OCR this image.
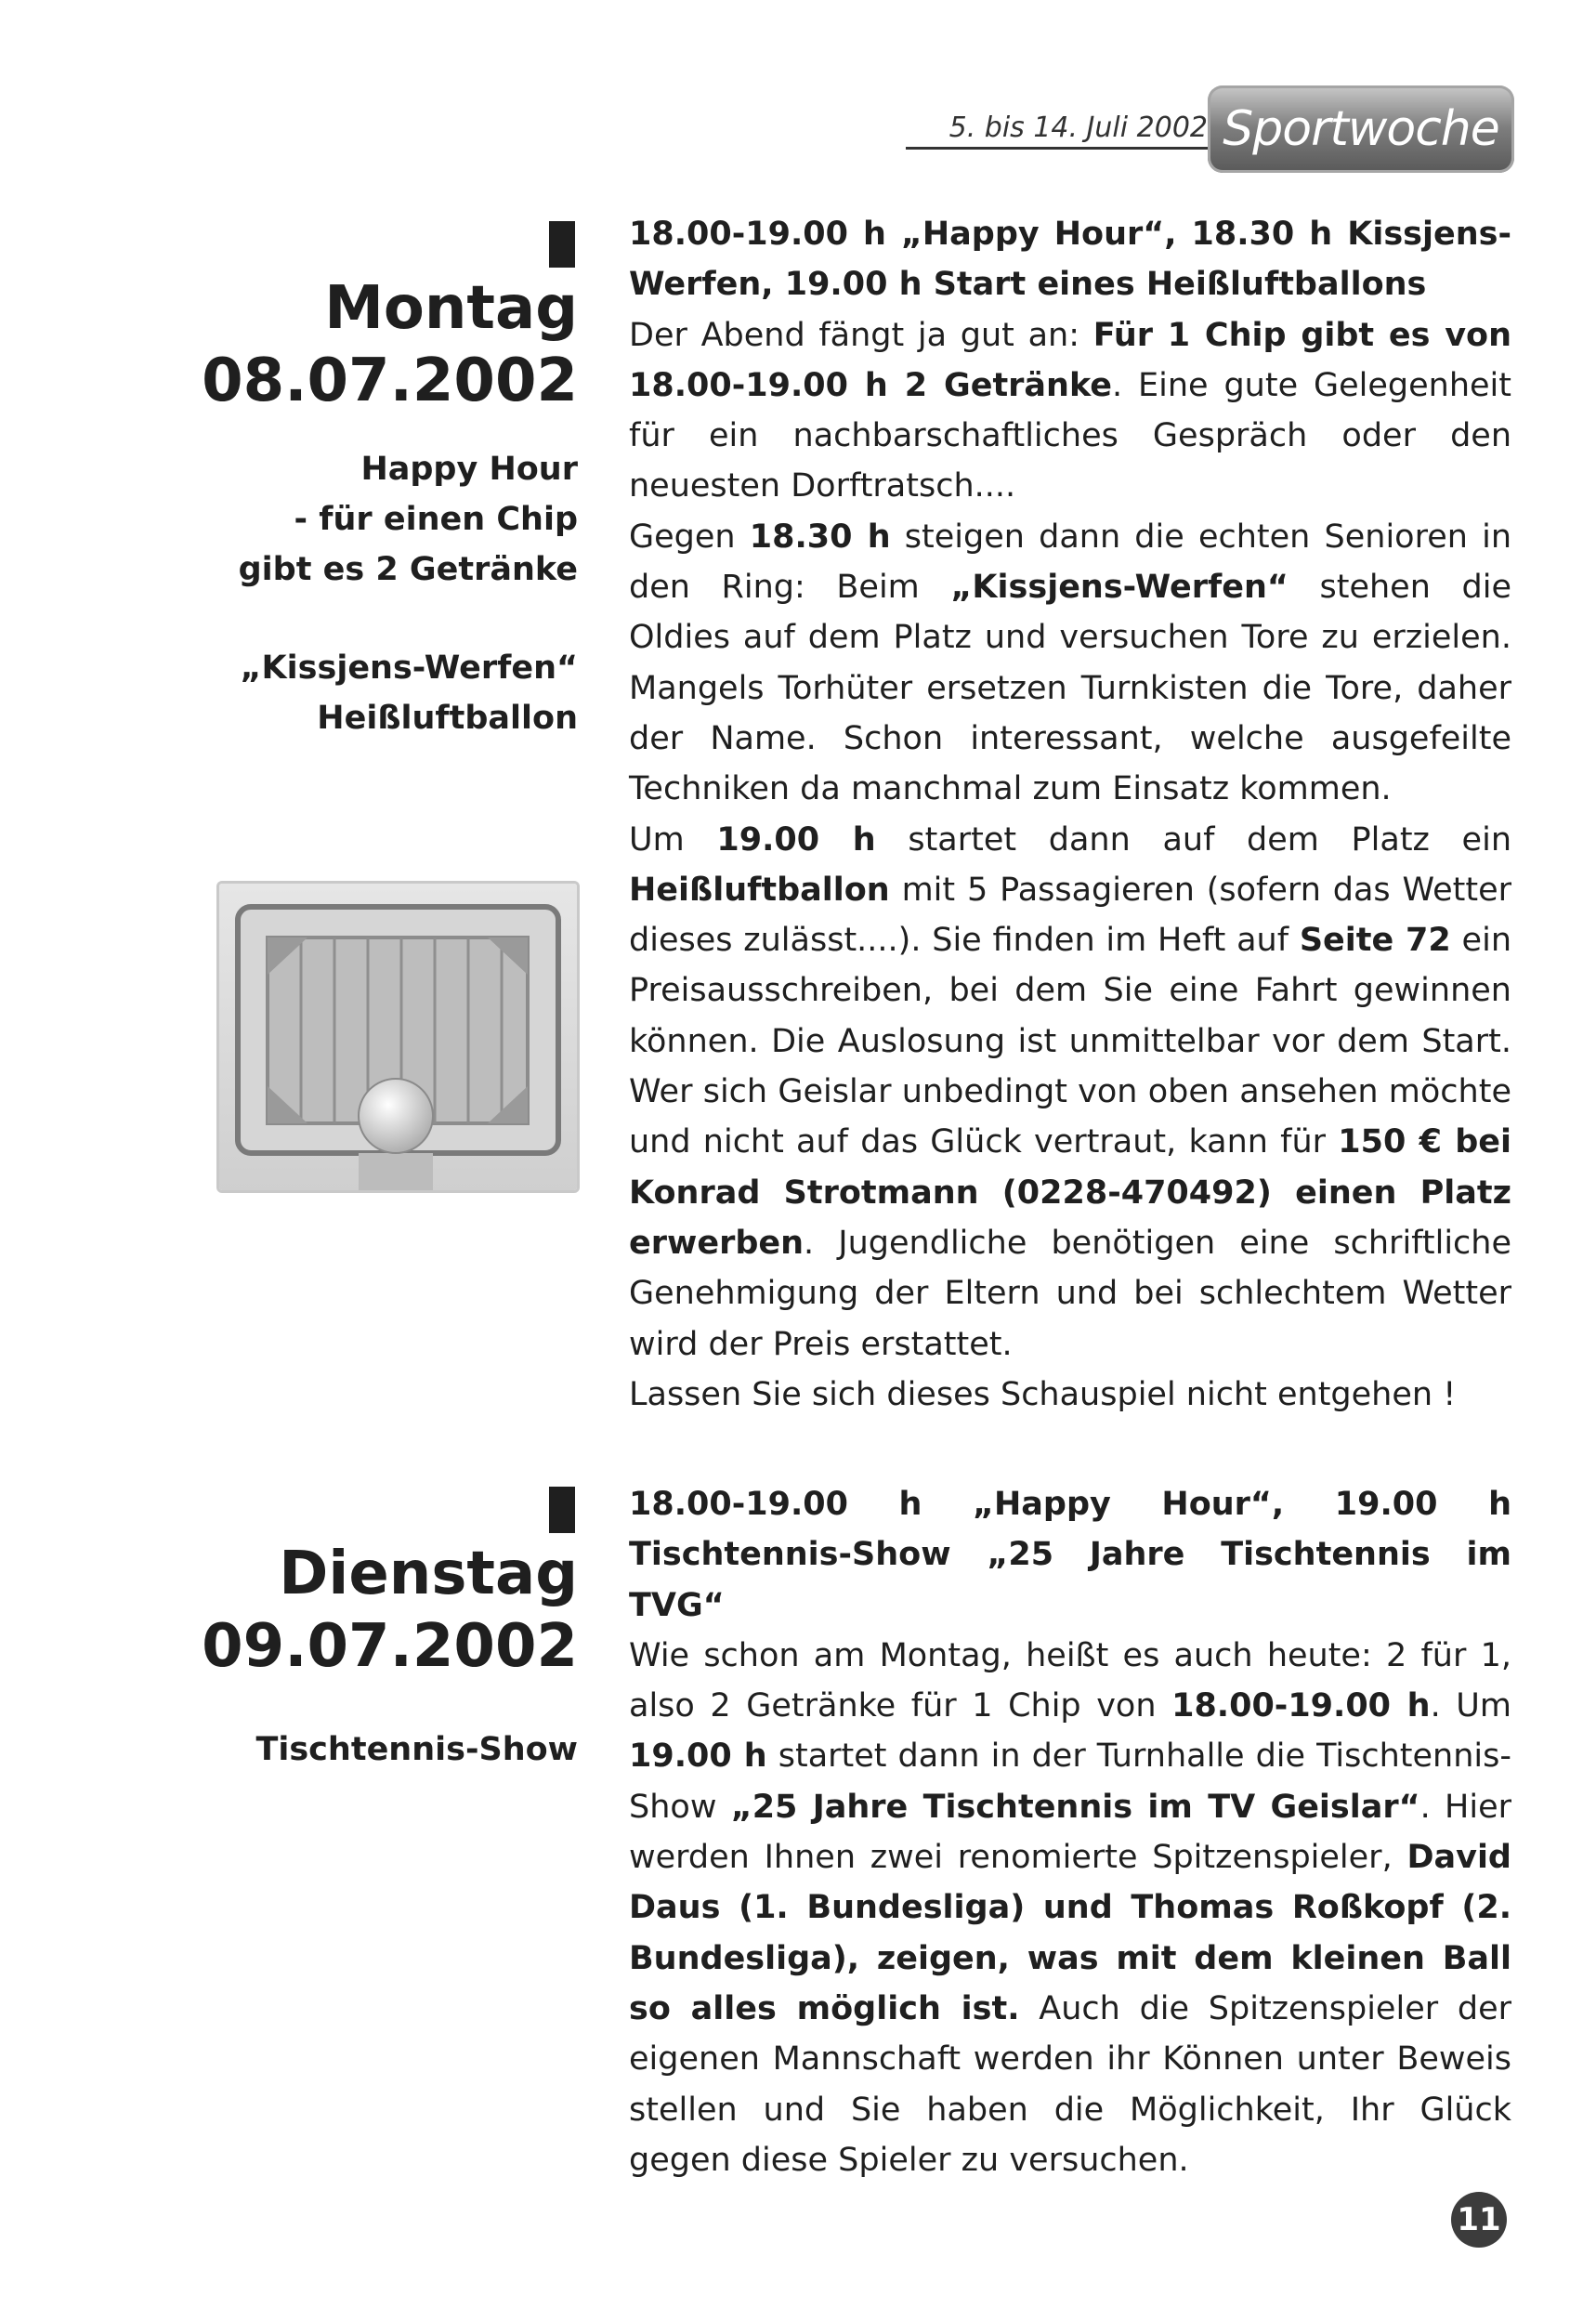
5. bis 14. Juli 2002 Sportwoche
Montag
08.07.2002
Happy Hour
- für einen Chip
gibt es 2 Getränke
„Kissjens-Werfen“
Heißluftballon

18.00-19.00 h „Happy Hour“, 18.30 h Kissjens-Werfen, 19.00 h Start eines Heißluftballons

Der Abend fängt ja gut an: Für 1 Chip gibt es von 18.00-19.00 h 2 Getränke. Eine gute Gelegenheit für ein nachbarschaftliches Gespräch oder den neuesten Dorftratsch....

Gegen 18.30 h steigen dann die echten Senioren in den Ring: Beim „Kissjens-Werfen“ stehen die Oldies auf dem Platz und versuchen Tore zu erzielen. Mangels Torhüter ersetzen Turnkisten die Tore, daher der Name. Schon interessant, welche ausgefeilte Techniken da manchmal zum Einsatz kommen.

Um 19.00 h startet dann auf dem Platz ein Heißluftballon mit 5 Passagieren (sofern das Wetter dieses zulässt....). Sie finden im Heft auf Seite 72 ein Preisausschreiben, bei dem Sie eine Fahrt gewinnen können. Die Auslosung ist unmittelbar vor dem Start. Wer sich Geislar unbedingt von oben ansehen möchte und nicht auf das Glück vertraut, kann für 150 € bei Konrad Strotmann (0228-470492) einen Platz erwerben. Jugendliche benötigen eine schriftliche Genehmigung der Eltern und bei schlechtem Wetter wird der Preis erstattet.

Lassen Sie sich dieses Schauspiel nicht entgehen !

Dienstag
09.07.2002
Tischtennis-Show

18.00-19.00 h „Happy Hour“, 19.00 h Tischtennis-Show „25 Jahre Tischtennis im TVG“

Wie schon am Montag, heißt es auch heute: 2 für 1, also 2 Getränke für 1 Chip von 18.00-19.00 h. Um 19.00 h startet dann in der Turnhalle die Tischtennis-Show „25 Jahre Tischtennis im TV Geislar“. Hier werden Ihnen zwei renomierte Spitzenspieler, David Daus (1. Bundesliga) und Thomas Roßkopf (2. Bundesliga), zeigen, was mit dem kleinen Ball so alles möglich ist. Auch die Spitzenspieler der eigenen Mannschaft werden ihr Können unter Beweis stellen und Sie haben die Möglichkeit, Ihr Glück gegen diese Spieler zu versuchen.

11
